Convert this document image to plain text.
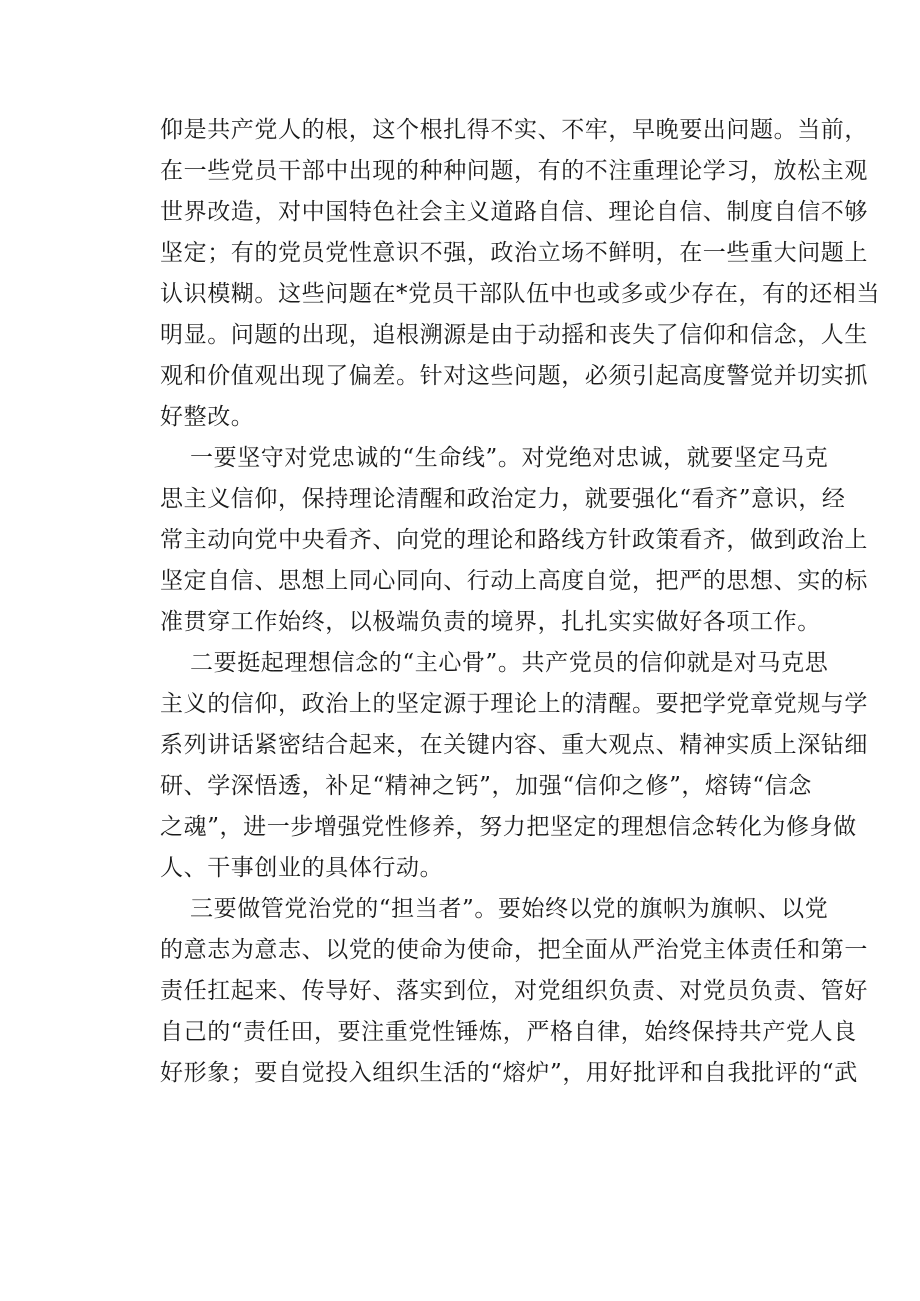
仰是共产党人的根，这个根扎得不实、不牢，早晚要出问题。当前，
在一些党员干部中出现的种种问题，有的不注重理论学习，放松主观
世界改造，对中国特色社会主义道路自信、理论自信、制度自信不够
坚定；有的党员党性意识不强，政治立场不鲜明，在一些重大问题上
认识模糊。这些问题在*党员干部队伍中也或多或少存在，有的还相当
明显。问题的出现，追根溯源是由于动摇和丧失了信仰和信念，人生
观和价值观出现了偏差。针对这些问题，必须引起高度警觉并切实抓
好整改。
一要坚守对党忠诚的“生命线”。对党绝对忠诚，就要坚定马克
思主义信仰，保持理论清醒和政治定力，就要强化“看齐”意识，经
常主动向党中央看齐、向党的理论和路线方针政策看齐，做到政治上
坚定自信、思想上同心同向、行动上高度自觉，把严的思想、实的标
准贯穿工作始终，以极端负责的境界，扎扎实实做好各项工作。
二要挺起理想信念的“主心骨”。共产党员的信仰就是对马克思
主义的信仰，政治上的坚定源于理论上的清醒。要把学党章党规与学
系列讲话紧密结合起来，在关键内容、重大观点、精神实质上深钻细
研、学深悟透，补足“精神之钙”，加强“信仰之修”，熔铸“信念
之魂”，进一步增强党性修养，努力把坚定的理想信念转化为修身做
人、干事创业的具体行动。
三要做管党治党的“担当者”。要始终以党的旗帜为旗帜、以党
的意志为意志、以党的使命为使命，把全面从严治党主体责任和第一
责任扛起来、传导好、落实到位，对党组织负责、对党员负责、管好
自己的“责任田，要注重党性锤炼，严格自律，始终保持共产党人良
好形象；要自觉投入组织生活的“熔炉”，用好批评和自我批评的“武
